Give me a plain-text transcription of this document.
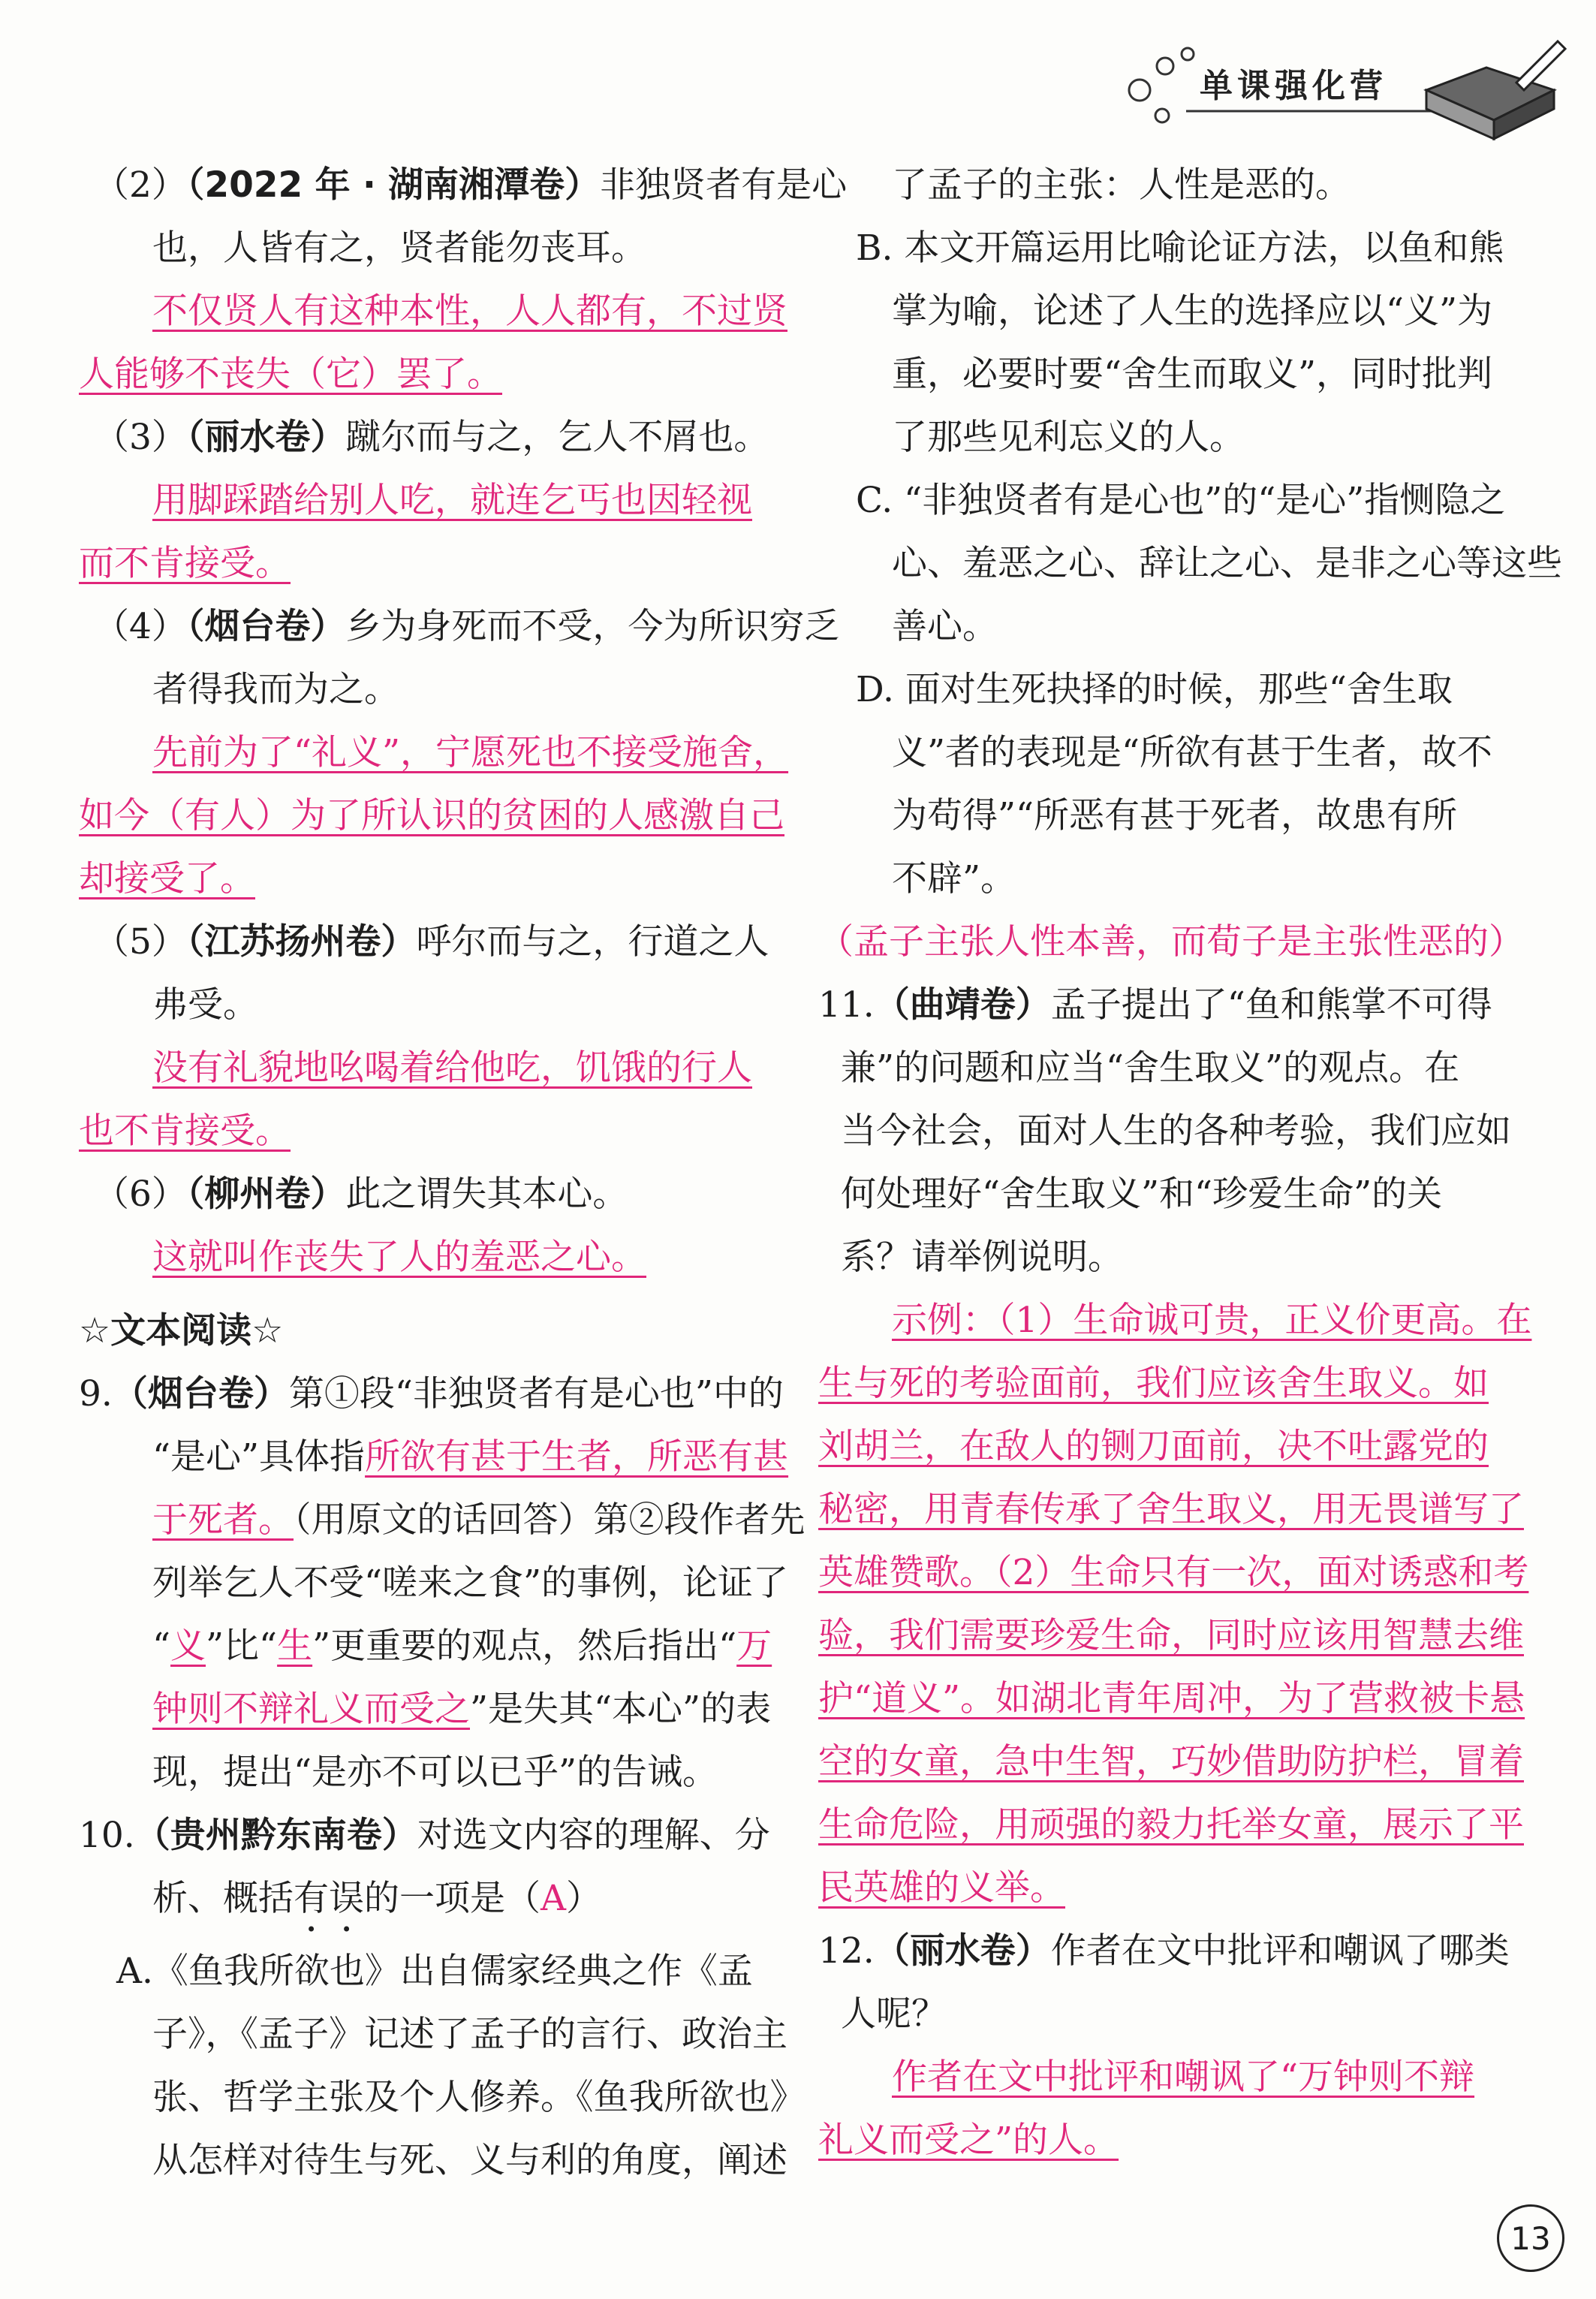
单课强化营
（2）（2022 年 · 湖南湘潭卷）非独贤者有是心
也，人皆有之，贤者能勿丧耳。
不仅贤人有这种本性，人人都有，不过贤
人能够不丧失（它）罢了。
（3）（丽水卷）蹴尔而与之，乞人不屑也。
用脚踩踏给别人吃，就连乞丐也因轻视
而不肯接受。
（4）（烟台卷）乡为身死而不受，今为所识穷乏
者得我而为之。
先前为了“礼义”，宁愿死也不接受施舍，
如今（有人）为了所认识的贫困的人感激自己
却接受了。
（5）（江苏扬州卷）呼尔而与之，行道之人
弗受。
没有礼貌地吆喝着给他吃，饥饿的行人
也不肯接受。
（6）（柳州卷）此之谓失其本心。
这就叫作丧失了人的羞恶之心。
☆文本阅读☆
9.（烟台卷）第①段“非独贤者有是心也”中的
“是心”具体指所欲有甚于生者，所恶有甚
于死者。（用原文的话回答）第②段作者先
列举乞人不受“嗟来之食”的事例，论证了
“义”比“生”更重要的观点，然后指出“万
钟则不辩礼义而受之”是失其“本心”的表
现，提出“是亦不可以已乎”的告诫。
10.（贵州黔东南卷）对选文内容的理解、分
析、概括有误的一项是（A）
A.《鱼我所欲也》出自儒家经典之作《孟
子》，《孟子》记述了孟子的言行、政治主
张、哲学主张及个人修养。《鱼我所欲也》
从怎样对待生与死、义与利的角度，阐述
了孟子的主张：人性是恶的。
B. 本文开篇运用比喻论证方法，以鱼和熊
掌为喻，论述了人生的选择应以“义”为
重，必要时要“舍生而取义”，同时批判
了那些见利忘义的人。
C. “非独贤者有是心也”的“是心”指恻隐之
心、羞恶之心、辞让之心、是非之心等这些
善心。
D. 面对生死抉择的时候，那些“舍生取
义”者的表现是“所欲有甚于生者，故不
为苟得”“所恶有甚于死者，故患有所
不辟”。
（孟子主张人性本善，而荀子是主张性恶的）
11.（曲靖卷）孟子提出了“鱼和熊掌不可得
兼”的问题和应当“舍生取义”的观点。在
当今社会，面对人生的各种考验，我们应如
何处理好“舍生取义”和“珍爱生命”的关
系？请举例说明。
示例：（1）生命诚可贵，正义价更高。在
生与死的考验面前，我们应该舍生取义。如
刘胡兰，在敌人的铡刀面前，决不吐露党的
秘密，用青春传承了舍生取义，用无畏谱写了
英雄赞歌。（2）生命只有一次，面对诱惑和考
验，我们需要珍爱生命，同时应该用智慧去维
护“道义”。如湖北青年周冲，为了营救被卡悬
空的女童，急中生智，巧妙借助防护栏，冒着
生命危险，用顽强的毅力托举女童，展示了平
民英雄的义举。
12.（丽水卷）作者在文中批评和嘲讽了哪类
人呢？
作者在文中批评和嘲讽了“万钟则不辩
礼义而受之”的人。
13
